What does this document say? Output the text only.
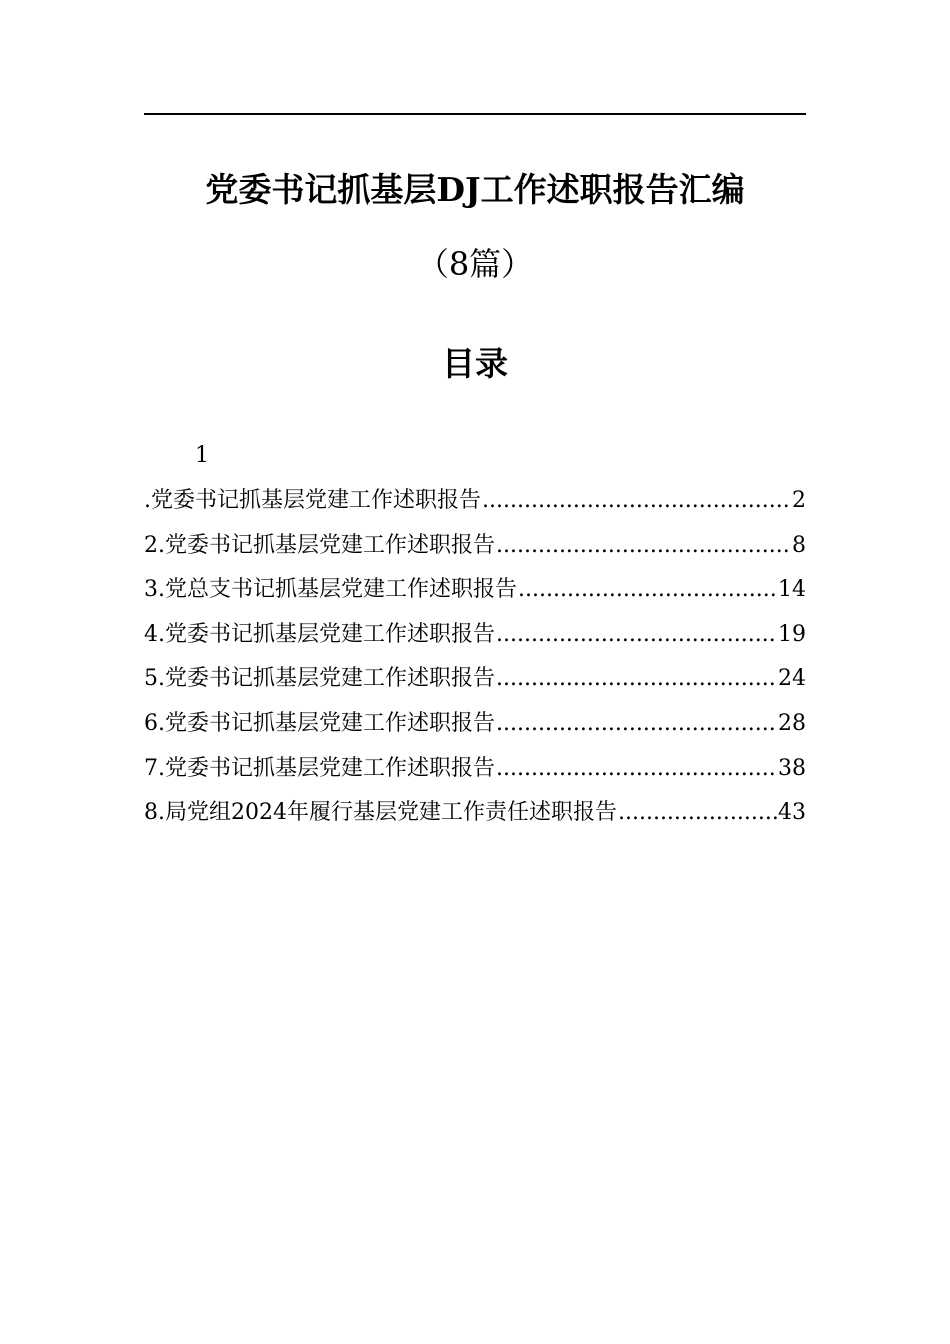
党委书记抓基层DJ工作述职报告汇编
（8篇）
目录
1
.党委书记抓基层党建工作述职报告 .....	2
2.党委书记抓基层党建工作述职报告 .....	8
3.党总支书记抓基层党建工作述职报告 .....	14
4.党委书记抓基层党建工作述职报告 .....	19
5.党委书记抓基层党建工作述职报告 .....	24
6.党委书记抓基层党建工作述职报告 .....	28
7.党委书记抓基层党建工作述职报告 .....	38
8.局党组2024年履行基层党建工作责任述职报告 .....	43
